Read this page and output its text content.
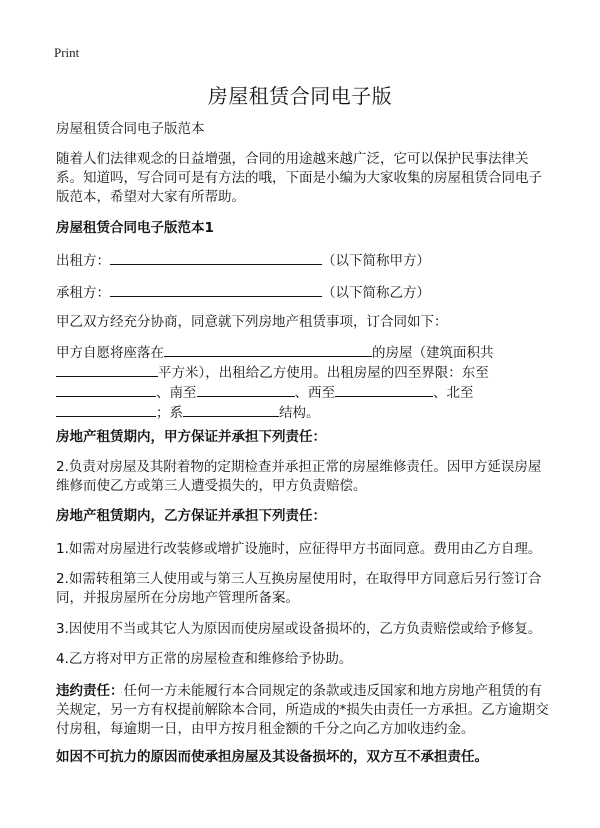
Print
房屋租赁合同电子版
房屋租赁合同电子版范本
随着人们法律观念的日益增强，合同的用途越来越广泛，它可以保护民事法律关系。知道吗，写合同可是有方法的哦，下面是小编为大家收集的房屋租赁合同电子版范本，希望对大家有所帮助。
房屋租赁合同电子版范本1
出租方：	（以下简称甲方）
承租方：	（以下简称乙方）
甲乙双方经充分协商，同意就下列房地产租赁事项，订合同如下：
甲方自愿将座落在	的房屋（建筑面积共
平方米），出租给乙方使用。出租房屋的四至界限：东至
、南至	、西至	、北至
；系	结构。
房地产租赁期内，甲方保证并承担下列责任：
2.负责对房屋及其附着物的定期检查并承担正常的房屋维修责任。因甲方延误房屋维修而使乙方或第三人遭受损失的，甲方负责赔偿。
房地产租赁期内，乙方保证并承担下列责任：
1.如需对房屋进行改装修或增扩设施时，应征得甲方书面同意。费用由乙方自理。
2.如需转租第三人使用或与第三人互换房屋使用时，在取得甲方同意后另行签订合同，并报房屋所在分房地产管理所备案。
3.因使用不当或其它人为原因而使房屋或设备损坏的，乙方负责赔偿或给予修复。
4.乙方将对甲方正常的房屋检查和维修给予协助。
违约责任：任何一方未能履行本合同规定的条款或违反国家和地方房地产租赁的有关规定，另一方有权提前解除本合同，所造成的*损失由责任一方承担。乙方逾期交付房租，每逾期一日，由甲方按月租金额的千分之向乙方加收违约金。
如因不可抗力的原因而使承担房屋及其设备损坏的，双方互不承担责任。
